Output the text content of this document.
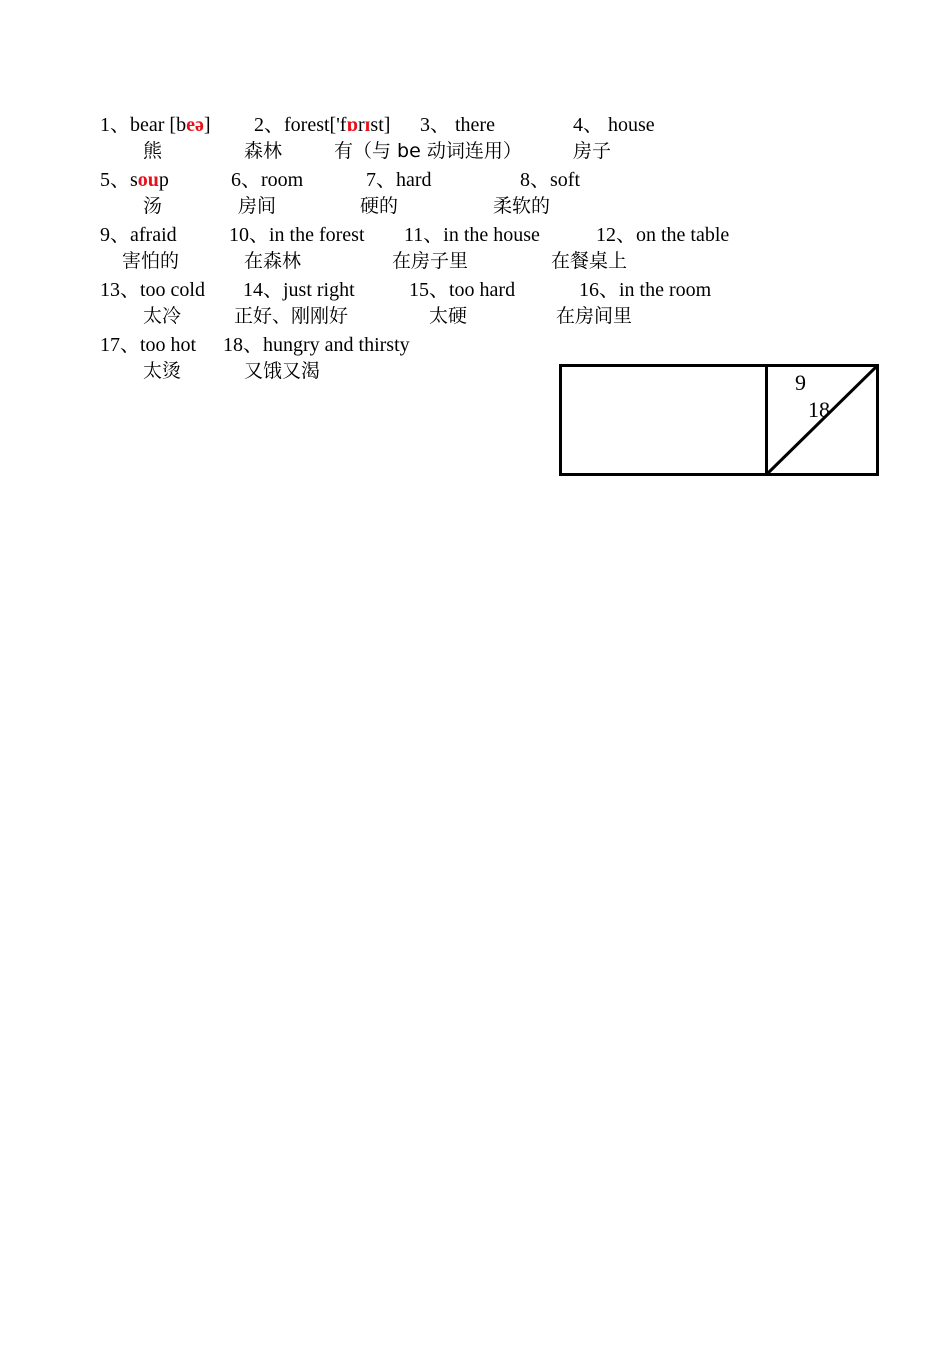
1、bear [beə] 2、forest['fɒrɪst] 3、 there	4、 house
熊	森林	有（与 be 动词连用）	房子
5、soup	6、room	7、hard	8、soft
汤	房间	硬的	柔软的
9、afraid	10、in the forest 11、in the house	12、on the table
害怕的	在森林	在房子里	在餐桌上
13、too cold 14、just right	15、too hard	16、in the room
太冷	正好、刚刚好	太硬	在房间里
17、too hot 18、hungry and thirsty
太烫	又饿又渴	9
18
